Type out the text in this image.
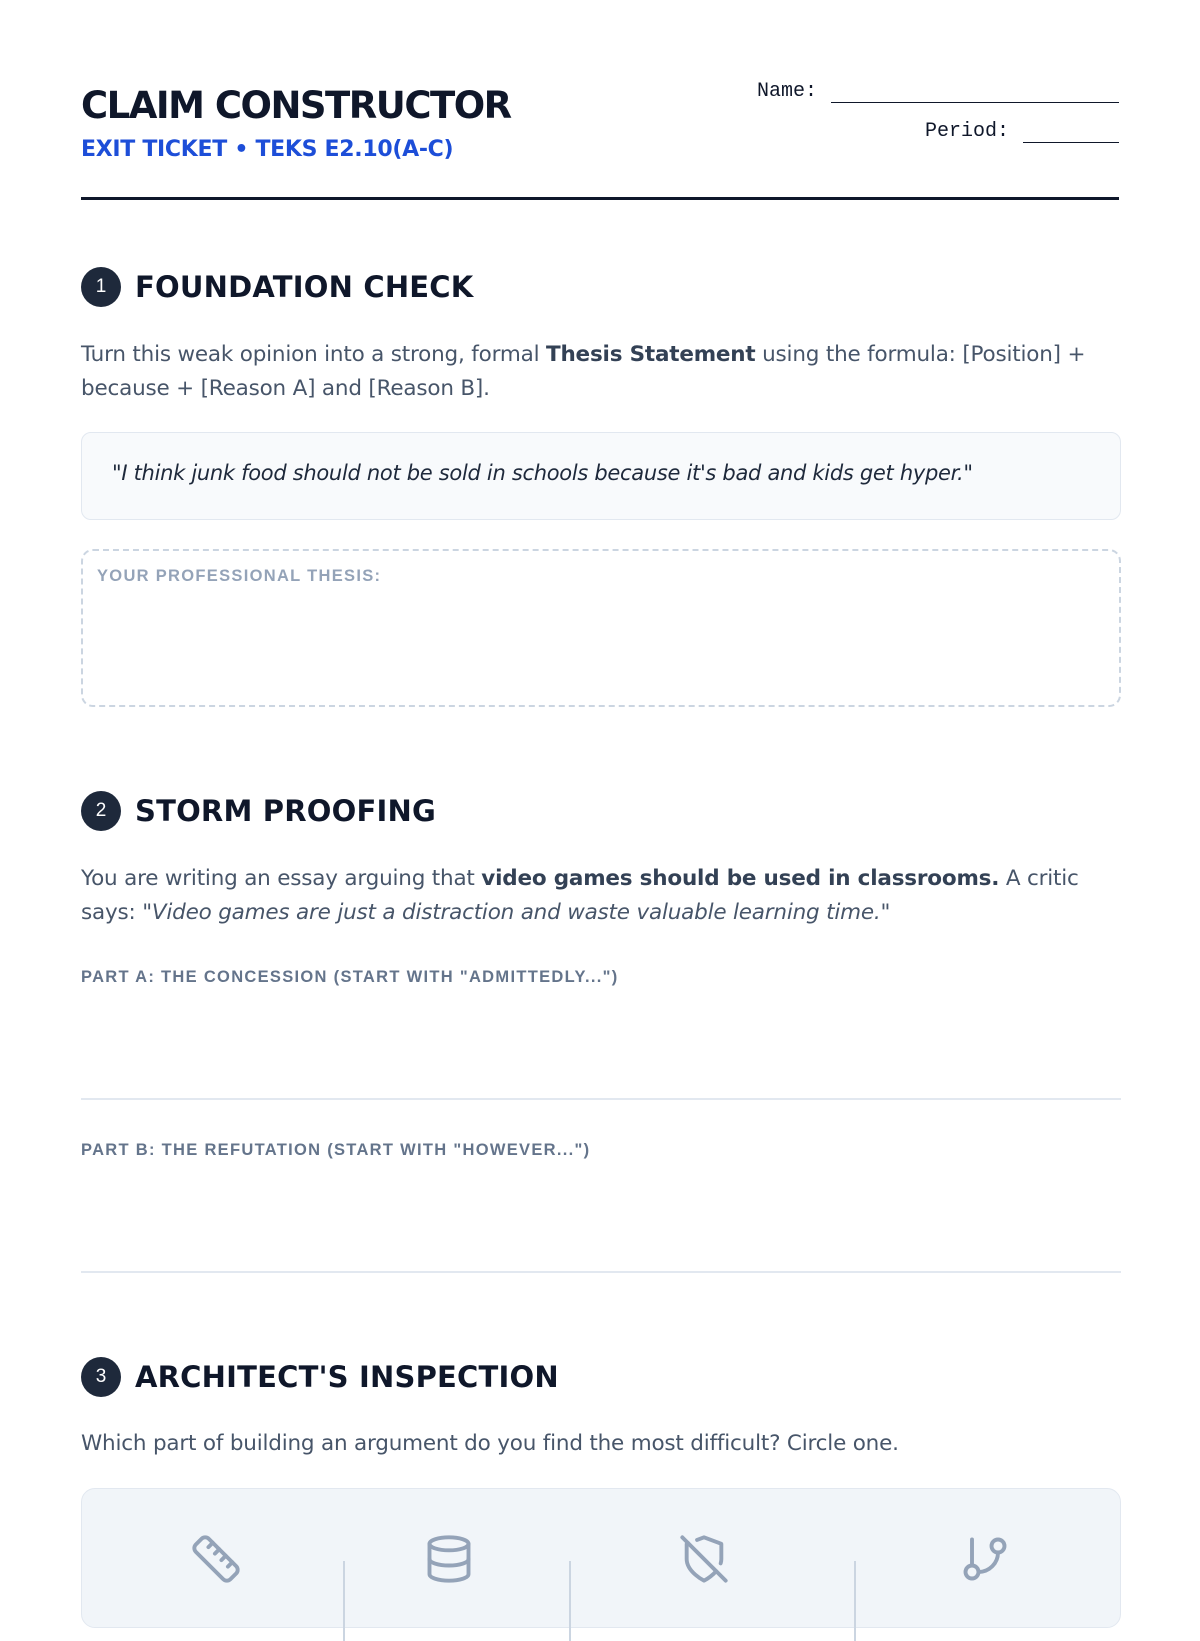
CLAIM CONSTRUCTOR
EXIT TICKET • TEKS E2.10(A-C)
Name:
Period:
1 FOUNDATION CHECK
Turn this weak opinion into a strong, formal Thesis Statement using the formula: [Position] + because + [Reason A] and [Reason B].
"I think junk food should not be sold in schools because it's bad and kids get hyper."
YOUR PROFESSIONAL THESIS:
2 STORM PROOFING
You are writing an essay arguing that video games should be used in classrooms. A critic says: "Video games are just a distraction and waste valuable learning time."
PART A: THE CONCESSION (START WITH "ADMITTEDLY...")
PART B: THE REFUTATION (START WITH "HOWEVER...")
3 ARCHITECT'S INSPECTION
Which part of building an argument do you find the most difficult? Circle one.
